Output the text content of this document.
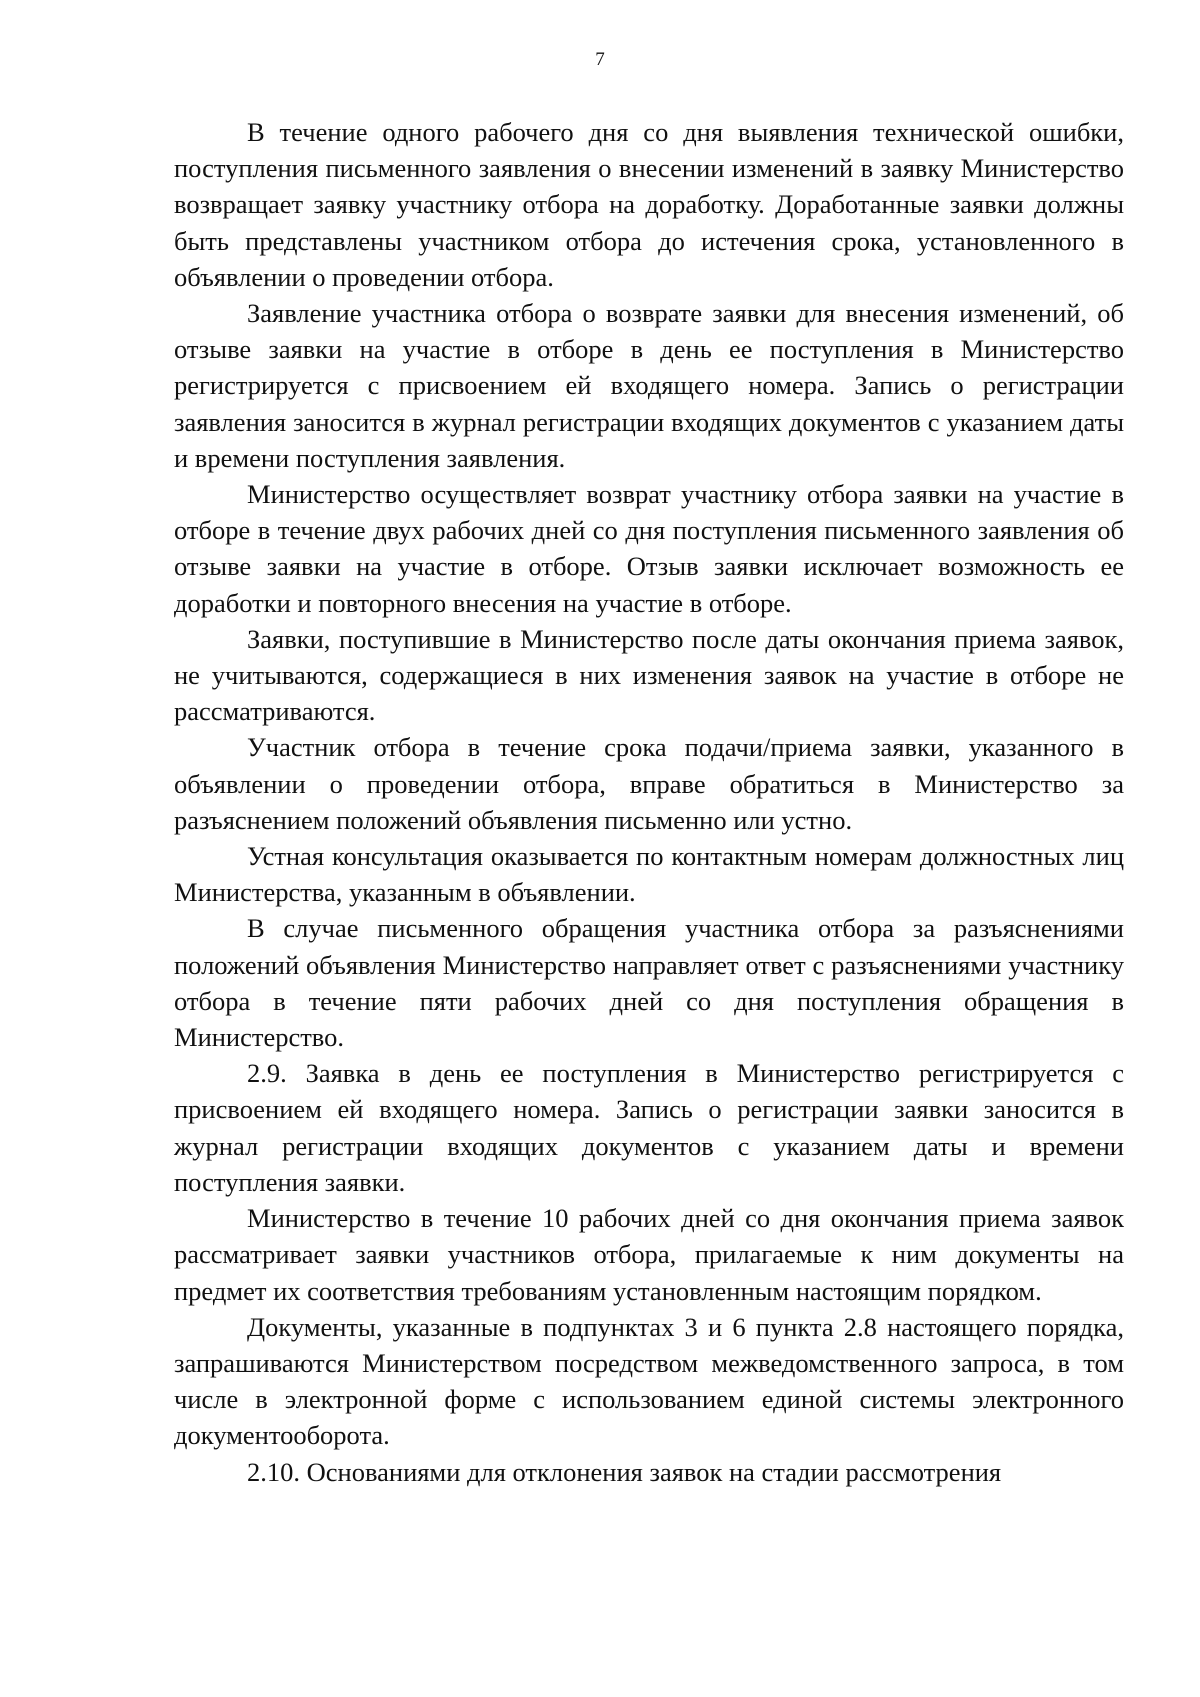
7

В течение одного рабочего дня со дня выявления технической ошибки, поступления письменного заявления о внесении изменений в заявку Министерство возвращает заявку участнику отбора на доработку. Доработанные заявки должны быть представлены участником отбора до истечения срока, установленного в объявлении о проведении отбора.

Заявление участника отбора о возврате заявки для внесения изменений, об отзыве заявки на участие в отборе в день ее поступления в Министерство регистрируется с присвоением ей входящего номера. Запись о регистрации заявления заносится в журнал регистрации входящих документов с указанием даты и времени поступления заявления.

Министерство осуществляет возврат участнику отбора заявки на участие в отборе в течение двух рабочих дней со дня поступления письменного заявления об отзыве заявки на участие в отборе. Отзыв заявки исключает возможность ее доработки и повторного внесения на участие в отборе.

Заявки, поступившие в Министерство после даты окончания приема заявок, не учитываются, содержащиеся в них изменения заявок на участие в отборе не рассматриваются.

Участник отбора в течение срока подачи/приема заявки, указанного в объявлении о проведении отбора, вправе обратиться в Министерство за разъяснением положений объявления письменно или устно.

Устная консультация оказывается по контактным номерам должностных лиц Министерства, указанным в объявлении.

В случае письменного обращения участника отбора за разъяснениями положений объявления Министерство направляет ответ с разъяснениями участнику отбора в течение пяти рабочих дней со дня поступления обращения в Министерство.

2.9. Заявка в день ее поступления в Министерство регистрируется с присвоением ей входящего номера. Запись о регистрации заявки заносится в журнал регистрации входящих документов с указанием даты и времени поступления заявки.

Министерство в течение 10 рабочих дней со дня окончания приема заявок рассматривает заявки участников отбора, прилагаемые к ним документы на предмет их соответствия требованиям установленным настоящим порядком.

Документы, указанные в подпунктах 3 и 6 пункта 2.8 настоящего порядка, запрашиваются Министерством посредством межведомственного запроса, в том числе в электронной форме с использованием единой системы электронного документооборота.

2.10. Основаниями для отклонения заявок на стадии рассмотрения
